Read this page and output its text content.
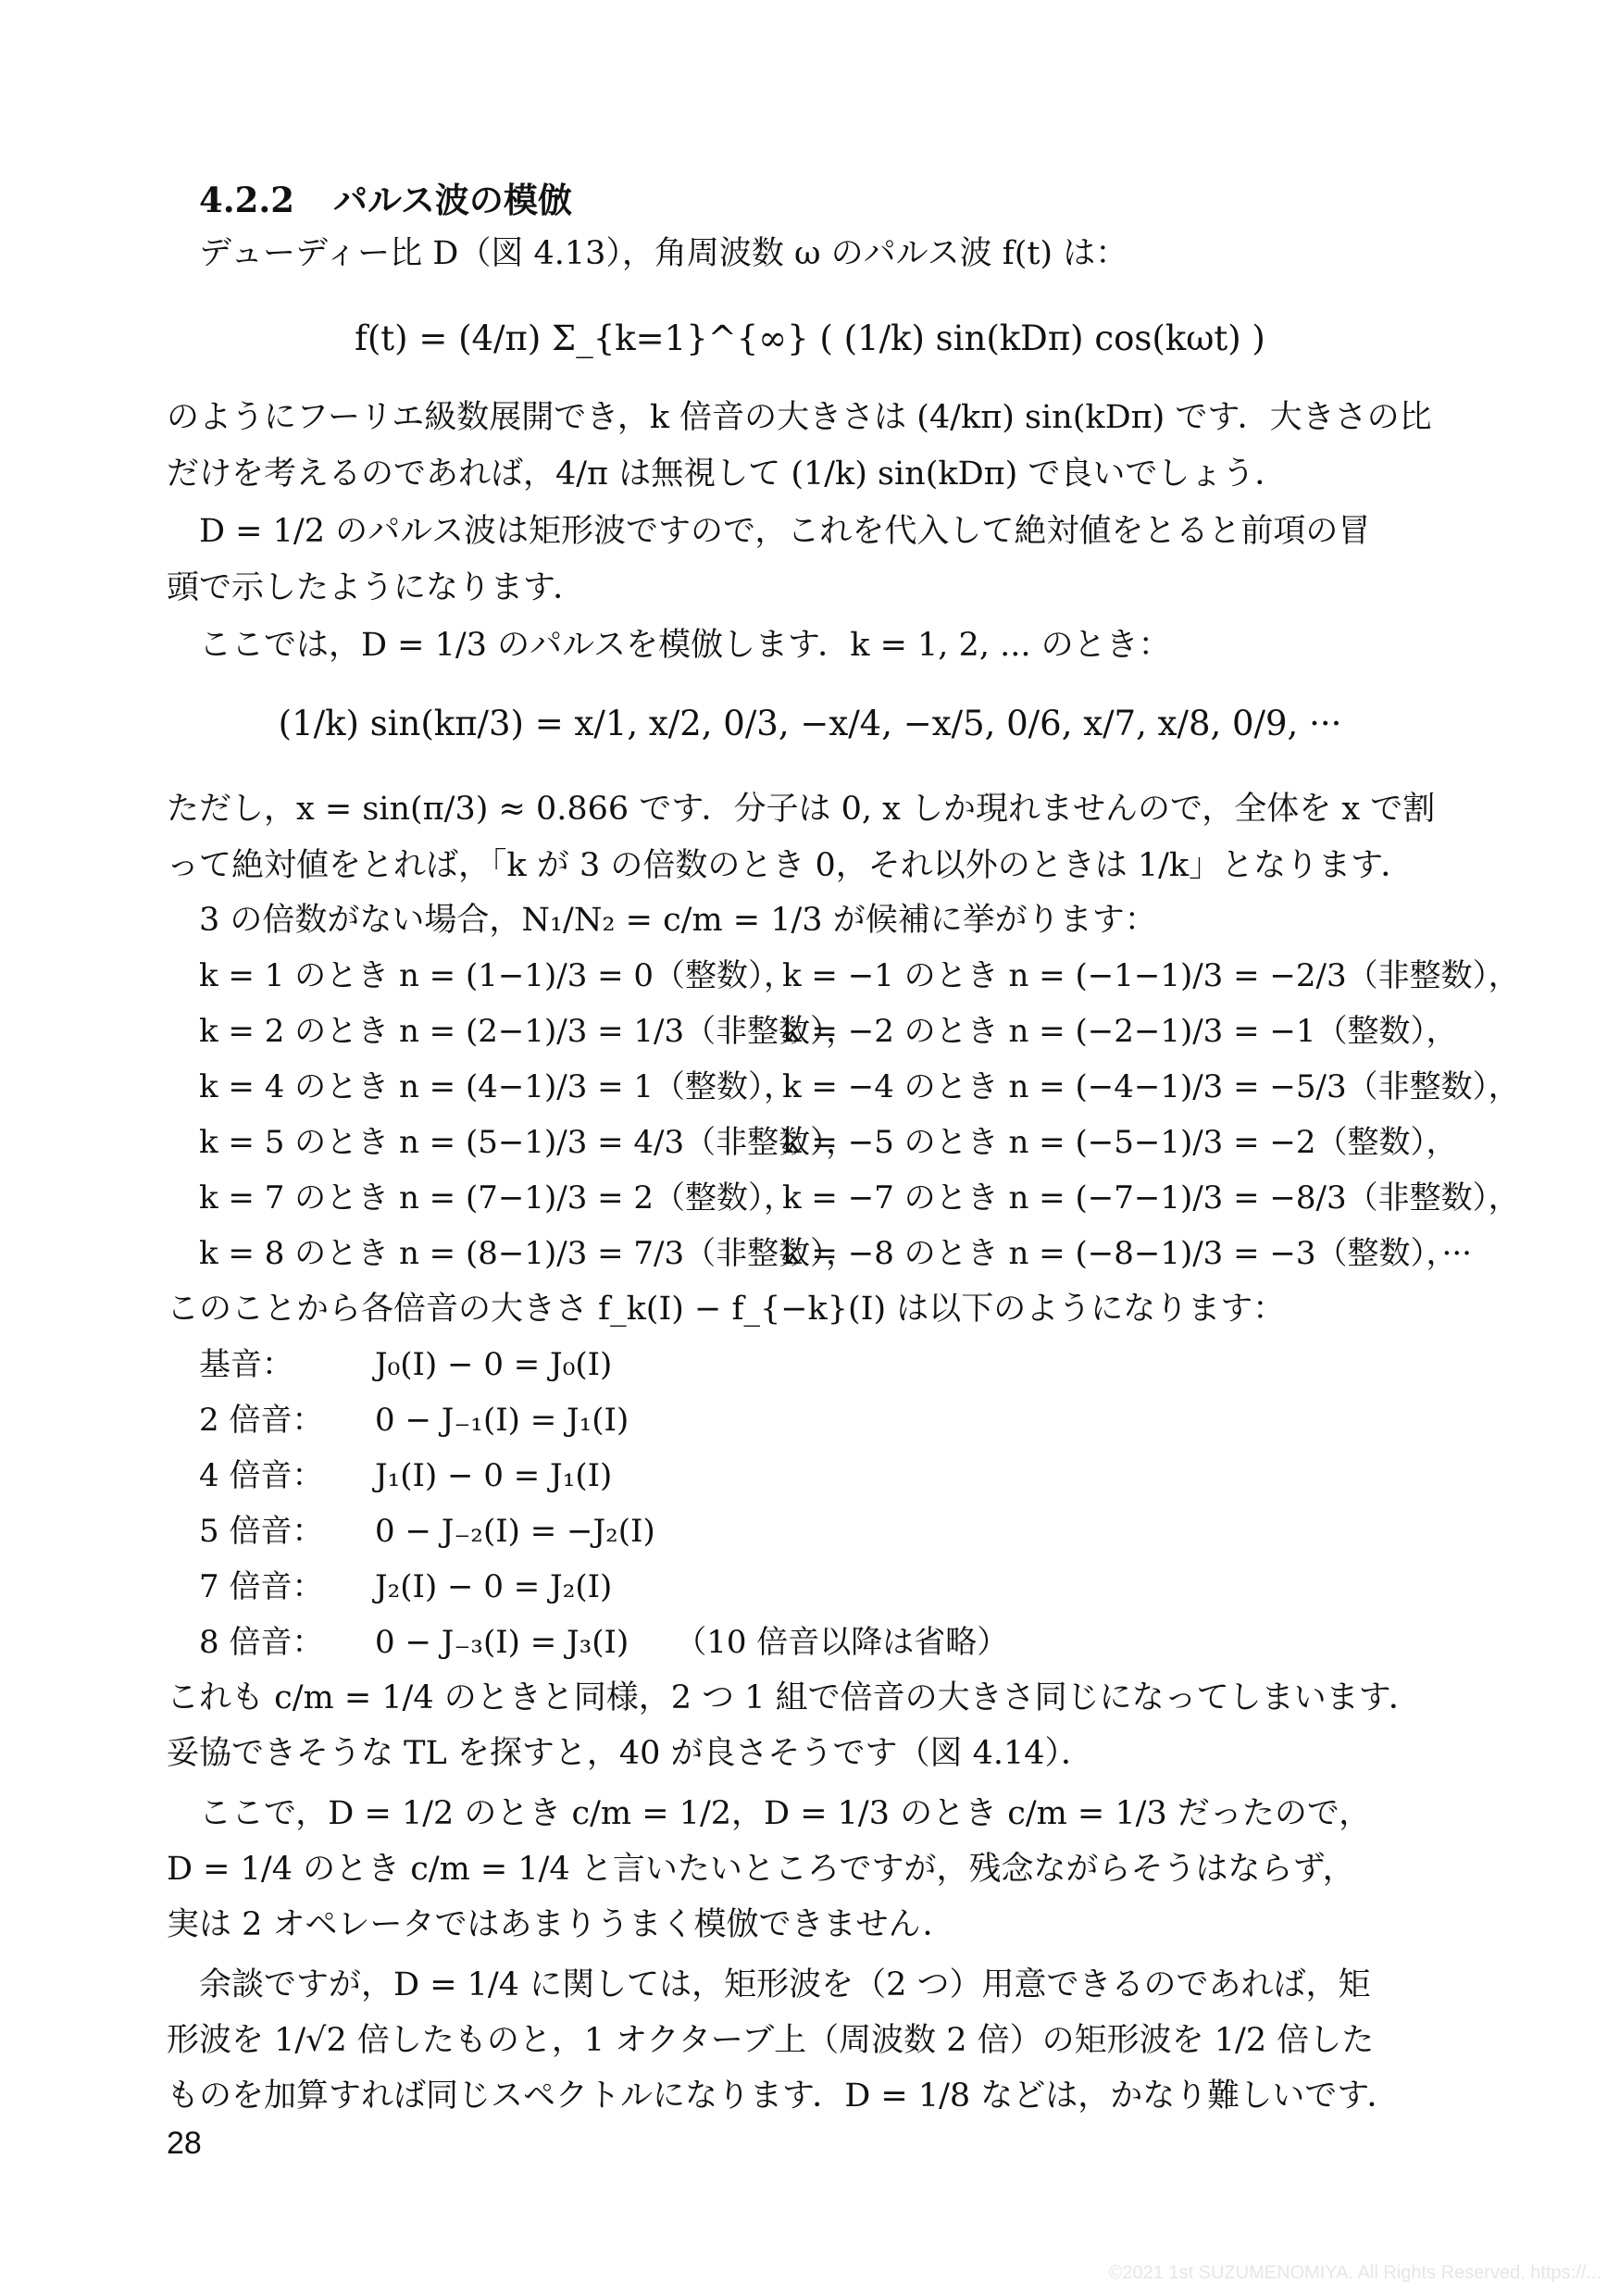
4.2.2 パルス波の模倣
デューディー比 D（図 4.13），角周波数 ω のパルス波 f(t) は：
f(t) = (4/π) Σ_{k=1}^{∞} ( (1/k) sin(kDπ) cos(kωt) )
のようにフーリエ級数展開でき，k 倍音の大きさは (4/kπ) sin(kDπ) です．大きさの比
だけを考えるのであれば，4/π は無視して (1/k) sin(kDπ) で良いでしょう．
D = 1/2 のパルス波は矩形波ですので，これを代入して絶対値をとると前項の冒
頭で示したようになります．
ここでは，D = 1/3 のパルスを模倣します．k = 1, 2, ... のとき：
(1/k) sin(kπ/3) = x/1, x/2, 0/3, −x/4, −x/5, 0/6, x/7, x/8, 0/9, ···
ただし，x = sin(π/3) ≈ 0.866 です．分子は 0, x しか現れませんので，全体を x で割
って絶対値をとれば，「k が 3 の倍数のとき 0，それ以外のときは 1/k」となります．
3 の倍数がない場合，N₁/N₂ = c/m = 1/3 が候補に挙がります：
k = 1 のとき n = (1−1)/3 = 0（整数），
k = −1 のとき n = (−1−1)/3 = −2/3（非整数），
k = 2 のとき n = (2−1)/3 = 1/3（非整数），
k = −2 のとき n = (−2−1)/3 = −1（整数），
k = 4 のとき n = (4−1)/3 = 1（整数），
k = −4 のとき n = (−4−1)/3 = −5/3（非整数），
k = 5 のとき n = (5−1)/3 = 4/3（非整数），
k = −5 のとき n = (−5−1)/3 = −2（整数），
k = 7 のとき n = (7−1)/3 = 2（整数），
k = −7 のとき n = (−7−1)/3 = −8/3（非整数），
k = 8 のとき n = (8−1)/3 = 7/3（非整数），
k = −8 のとき n = (−8−1)/3 = −3（整数），···
このことから各倍音の大きさ f_k(I) − f_{−k}(I) は以下のようになります：
基音：	J₀(I) − 0 = J₀(I)
2 倍音： 0 − J₋₁(I) = J₁(I)
4 倍音： J₁(I) − 0 = J₁(I)
5 倍音： 0 − J₋₂(I) = −J₂(I)
7 倍音： J₂(I) − 0 = J₂(I)
8 倍音： 0 − J₋₃(I) = J₃(I) （10 倍音以降は省略）
これも c/m = 1/4 のときと同様，2 つ 1 組で倍音の大きさ同じになってしまいます．
妥協できそうな TL を探すと，40 が良さそうです（図 4.14）．
ここで，D = 1/2 のとき c/m = 1/2，D = 1/3 のとき c/m = 1/3 だったので，
D = 1/4 のとき c/m = 1/4 と言いたいところですが，残念ながらそうはならず，
実は 2 オペレータではあまりうまく模倣できません．
余談ですが，D = 1/4 に関しては，矩形波を（2 つ）用意できるのであれば，矩
形波を 1/√2 倍したものと，1 オクターブ上（周波数 2 倍）の矩形波を 1/2 倍した
ものを加算すれば同じスペクトルになります．D = 1/8 などは，かなり難しいです．
28
©2021 1st SUZUMENOMIYA. All Rights Reserved. https://...
